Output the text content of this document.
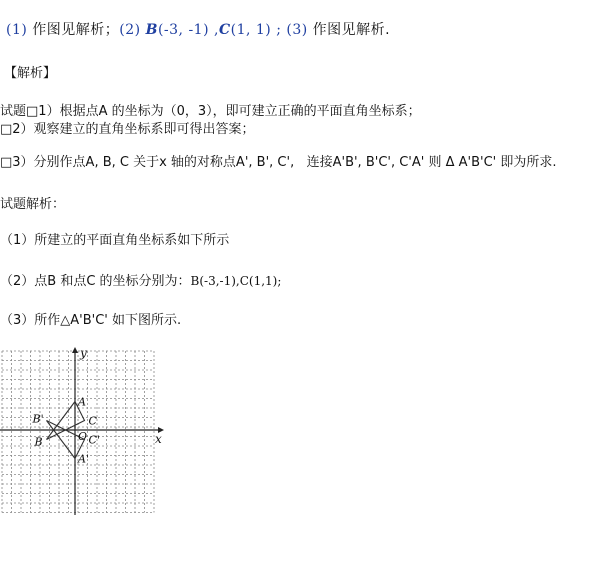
(1) 作图见解析；(2) B(-3, -1) ,C(1, 1) ; (3) 作图见解析.
【解析】
试题□1）根据点A 的坐标为（0，3），即可建立正确的平面直角坐标系；
□2）观察建立的直角坐标系即可得出答案；
□3）分别作点A, B, C 关于x 轴的对称点A', B', C',   连接A'B', B'C', C'A' 则 Δ A'B'C' 即为所求.
试题解析：
（1）所建立的平面直角坐标系如下所示
（2）点B 和点C 的坐标分别为：B(-3,-1),C(1,1);
（3）所作△A'B'C' 如下图所示.
A
B
C
A'
B'
C'
O	x
y
